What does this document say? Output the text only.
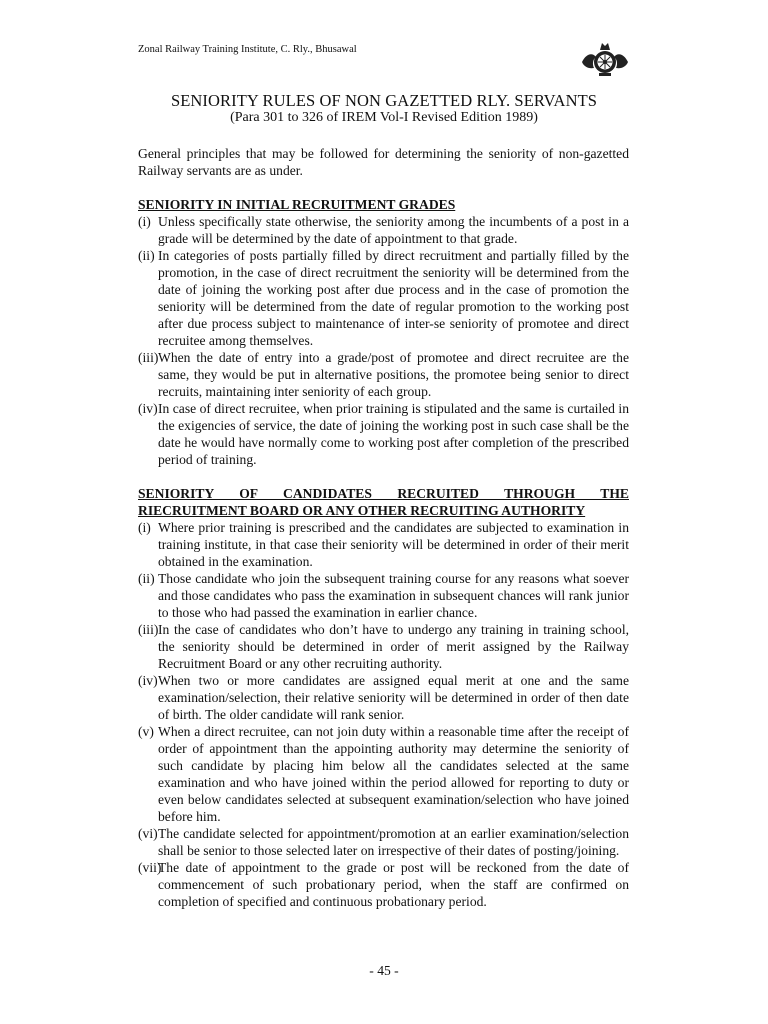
Zonal Railway Training Institute, C. Rly., Bhusawal
SENIORITY RULES OF NON GAZETTED RLY. SERVANTS
(Para 301 to 326 of IREM Vol-I Revised Edition 1989)

General principles that may be followed for determining the seniority of non-gazetted Railway servants are as under.

SENIORITY IN INITIAL RECRUITMENT GRADES
(i) Unless specifically state otherwise, the seniority among the incumbents of a post in a grade will be determined by the date of appointment to that grade.
(ii) In categories of posts partially filled by direct recruitment and partially filled by the promotion, in the case of direct recruitment the seniority will be determined from the date of joining the working post after due process and in the case of promotion the seniority will be determined from the date of regular promotion to the working post after due process subject to maintenance of inter-se seniority of promotee and direct recruitee among themselves.
(iii) When the date of entry into a grade/post of promotee and direct recruitee are the same, they would be put in alternative positions, the promotee being senior to direct recruits, maintaining inter seniority of each group.
(iv) In case of direct recruitee, when prior training is stipulated and the same is curtailed in the exigencies of service, the date of joining the working post in such case shall be the date he would have normally come to working post after completion of the prescribed period of training.
SENIORITY OF CANDIDATES RECRUITED THROUGH THE
RIECRUITMENT BOARD OR ANY OTHER RECRUITING AUTHORITY
(i) Where prior training is prescribed and the candidates are subjected to examination in training institute, in that case their seniority will be determined in order of their merit obtained in the examination.
(ii) Those candidate who join the subsequent training course for any reasons what soever and those candidates who pass the examination in subsequent chances will rank junior to those who had passed the examination in earlier chance.
(iii) In the case of candidates who don’t have to undergo any training in training school, the seniority should be determined in order of merit assigned by the Railway Recruitment Board or any other recruiting authority.
(iv) When two or more candidates are assigned equal merit at one and the same examination/selection, their relative seniority will be determined in order of then date of birth. The older candidate will rank senior.
(v) When a direct recruitee, can not join duty within a reasonable time after the receipt of order of appointment than the appointing authority may determine the seniority of such candidate by placing him below all the candidates selected at the same examination and who have joined within the period allowed for reporting to duty or even below candidates selected at subsequent examination/selection who have joined before him.
(vi) The candidate selected for appointment/promotion at an earlier examination/selection shall be senior to those selected later on irrespective of their dates of posting/joining.
(vii)
The date of appointment to the grade or post will be reckoned from the date of commencement of such probationary period, when the staff are confirmed on completion of specified and continuous probationary period.
- 45 -
